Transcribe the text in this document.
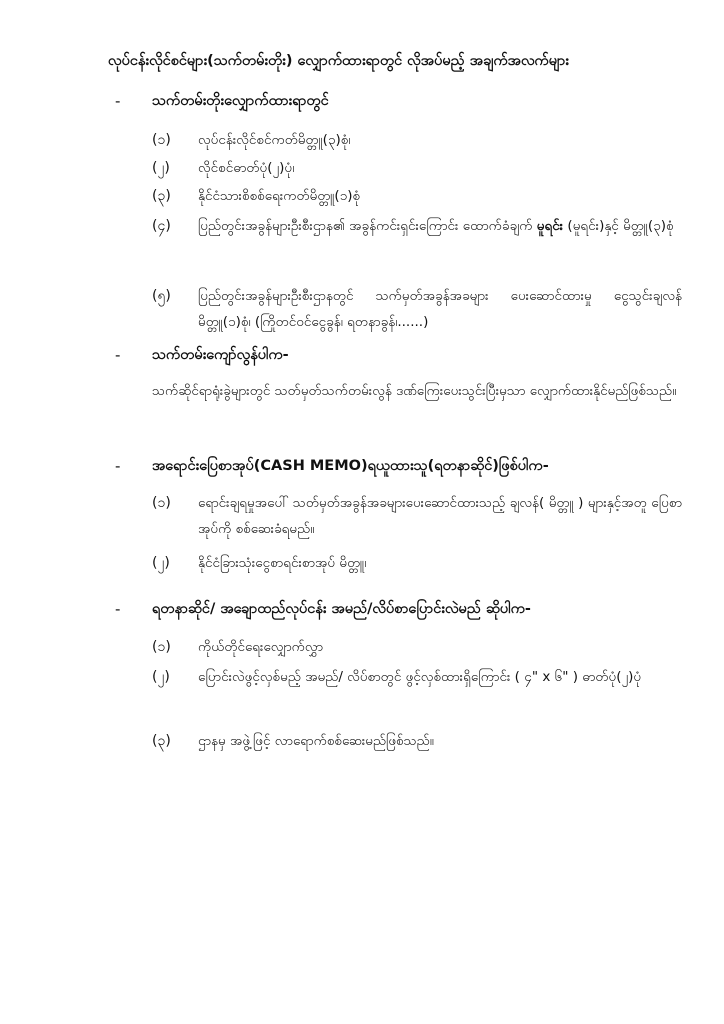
လုပ်ငန်းလိုင်စင်များ(သက်တမ်းတိုး) လျှောက်ထားရာတွင် လိုအပ်မည့် အချက်အလက်များ
- သက်တမ်းတိုးလျှောက်ထားရာတွင်
(၁)	လုပ်ငန်းလိုင်စင်ကတ်မိတ္တူ(၃)စုံ၊
(၂)	လိုင်စင်ဓာတ်ပုံ(၂)ပုံ၊
(၃)	နိုင်ငံသားစိစစ်ရေးကတ်မိတ္တူ(၁)စုံ
(၄)	ပြည်တွင်းအခွန်များဦးစီးဌာန၏ အခွန်ကင်းရှင်းကြောင်း ထောက်ခံချက် မူရင်း (မူရင်း)နှင့် မိတ္တူ(၃)စုံ
(၅)	ပြည်တွင်းအခွန်များဦးစီးဌာနတွင် သက်မှတ်အခွန်အခများ ပေးဆောင်ထားမှု ငွေသွင်းချလန် မိတ္တူ(၁)စုံ၊ (ကြိုတင်ဝင်ငွေခွန်၊ ရတနာခွန်၊......)
- သက်တမ်းကျော်လွန်ပါက-
သက်ဆိုင်ရာရုံးခွဲများတွင် သတ်မှတ်သက်တမ်းလွန် ဒဏ်ကြေးပေးသွင်းပြီးမှသာ လျှောက်ထားနိုင်မည်ဖြစ်သည်။
- အရောင်းပြေစာအုပ်(CASH MEMO)ရယူထားသူ(ရတနာဆိုင်)ဖြစ်ပါက-
(၁)	ရောင်းချရမှုအပေါ် သတ်မှတ်အခွန်အခများပေးဆောင်ထားသည့် ချလန်( မိတ္တူ ) များနှင့်အတူ ပြေစာအုပ်ကို စစ်ဆေးခံရမည်။
(၂)	နိုင်ငံခြားသုံးငွေစာရင်းစာအုပ် မိတ္တူ၊
- ရတနာဆိုင်/ အချောထည်လုပ်ငန်း အမည်/လိပ်စာပြောင်းလဲမည် ဆိုပါက-
(၁)	ကိုယ်တိုင်ရေးလျှောက်လွှာ
(၂)	ပြောင်းလဲဖွင့်လှစ်မည့် အမည်/ လိပ်စာတွင် ဖွင့်လှစ်ထားရှိကြောင်း ( ၄" x ၆" ) ဓာတ်ပုံ(၂)ပုံ
(၃)	ဌာနမှ အဖွဲ့ဖြင့် လာရောက်စစ်ဆေးမည်ဖြစ်သည်။
